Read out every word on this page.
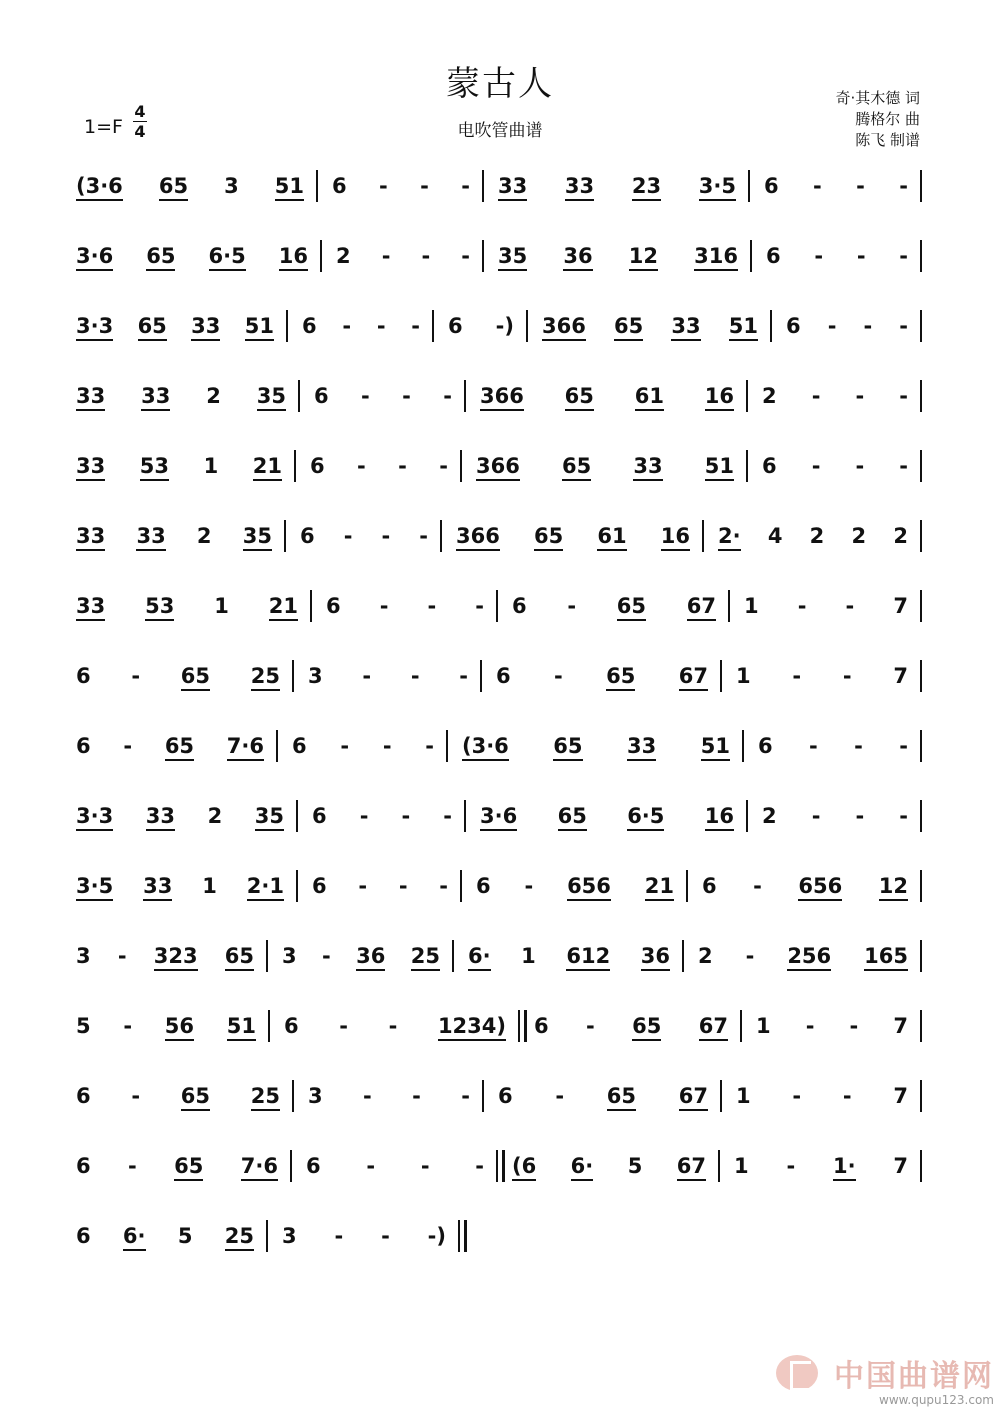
蒙古人
电吹管曲谱
1=F
4
4
奇·其木德 词
腾格尔 曲
陈飞 制谱
(3·6 65 3 51 6 - - - 33 33 23 3·5 6 - - -
3·6 65 6·5 16 2 - - - 35 36 12 316 6 - - -
3·3 65 33 51 6 - - - 6 -) 366 65 33 51 6 - - -
33 33 2 35 6 - - - 366 65 61 16 2 - - -
33 53 1 21 6 - - - 366 65 33 51 6 - - -
33 33 2 35 6 - - - 366 65 61 16 2· 4 2 2 2
33 53 1 21 6 - - - 6 - 65 67 1 - - 7
6 - 65 25 3 - - - 6 - 65 67 1 - - 7
6 - 65 7·6 6 - - - (3·6 65 33 51 6 - - -
3·3 33 2 35 6 - - - 3·6 65 6·5 16 2 - - -
3·5 33 1 2·1 6 - - - 6 - 656 21 6 - 656 12
3 - 323 65 3 - 36 25 6· 1 612 36 2 - 256 165
5 - 56 51 6 - - 1234) 6 - 65 67 1 - - 7
6 - 65 25 3 - - - 6 - 65 67 1 - - 7
6 - 65 7·6 6 - - - (6 6· 5 67 1 - 1· 7
6 6· 5 25 3 - - -)
中国曲谱网
www.qupu123.com
